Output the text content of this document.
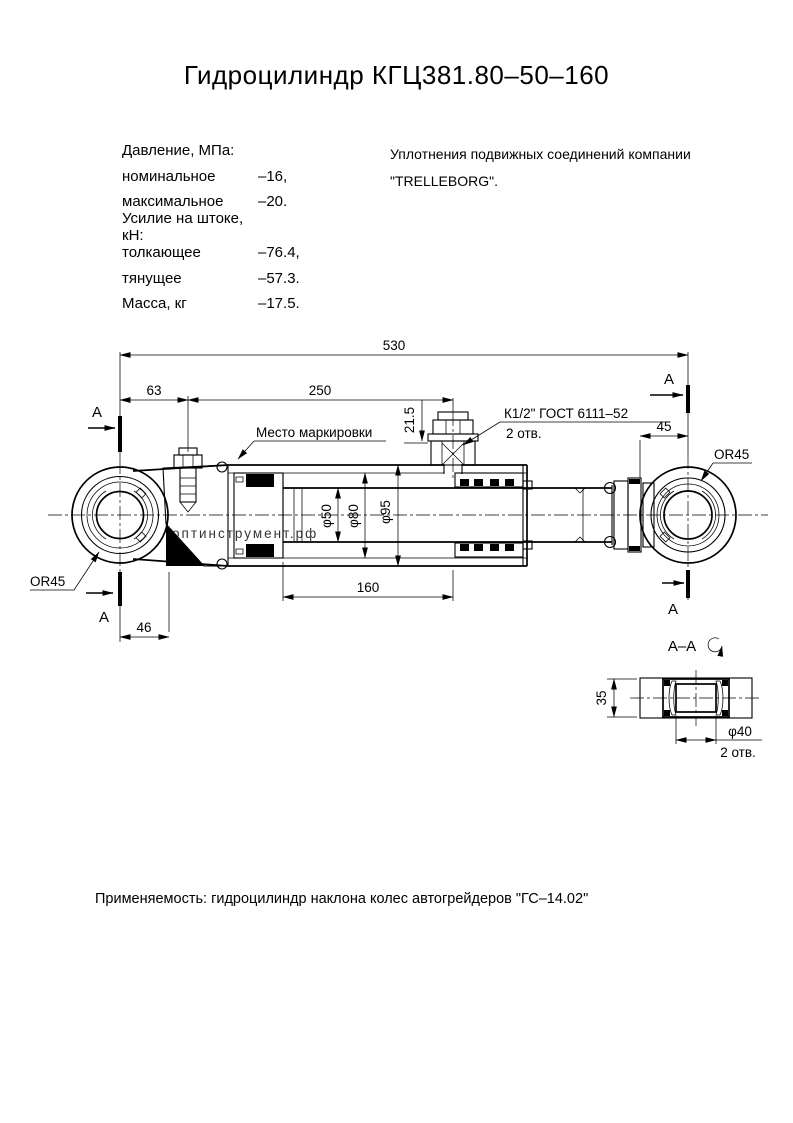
Гидроцилиндр КГЦ381.80–50–160
Давление, МПа:
номинальное	–16,
максимальное	–20.
Усилие на штоке, кН:
толкающее	–76.4,
тянущее	–57.3.
Масса, кг	–17.5.
Уплотнения подвижных соединений компании
"TRELLEBORG".
Применяемость: гидроцилиндр наклона колес автогрейдеров "ГС–14.02"
530
63	250
21.5	45
46
160
φ50 φ80 φ95
Место маркировки
К1/2" ГОСТ 6111–52
2 отв.
OR45
OR45
А
А
А
А
А–А
35
φ40
2 отв.
оптинструмент.рф
